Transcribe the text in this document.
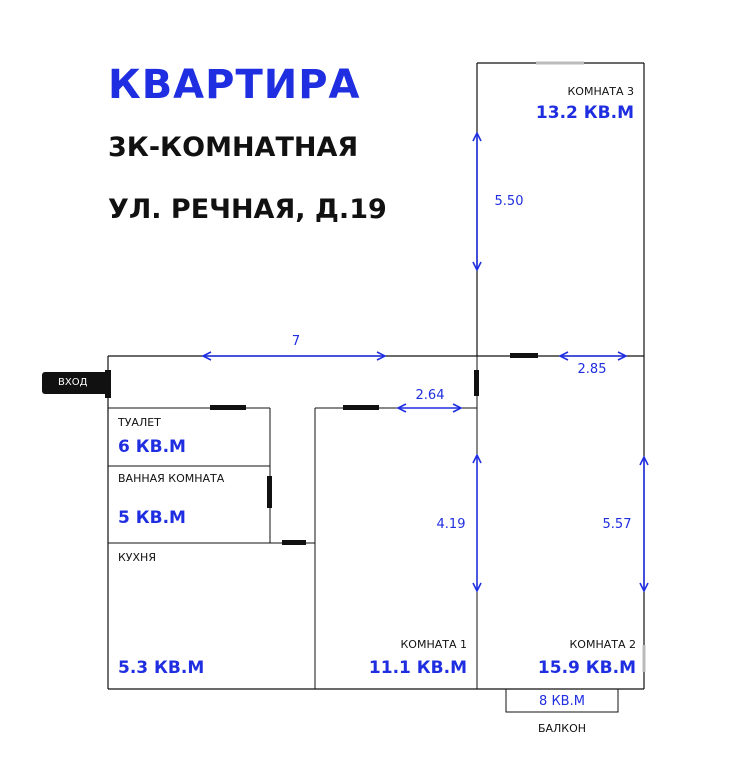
КВАРТИРА
3К-КОМНАТНАЯ
УЛ. РЕЧНАЯ, Д.19
ВХОД
8 КВ.М
БАЛКОН
ТУАЛЕТ
6 КВ.М
ВАННАЯ КОМНАТА
5 КВ.М
КУХНЯ
5.3 КВ.М
КОМНАТА 1
11.1 КВ.М
КОМНАТА 2
15.9 КВ.М
КОМНАТА 3
13.2 КВ.М
7
2.64
4.19
2.85
5.57
5.50
